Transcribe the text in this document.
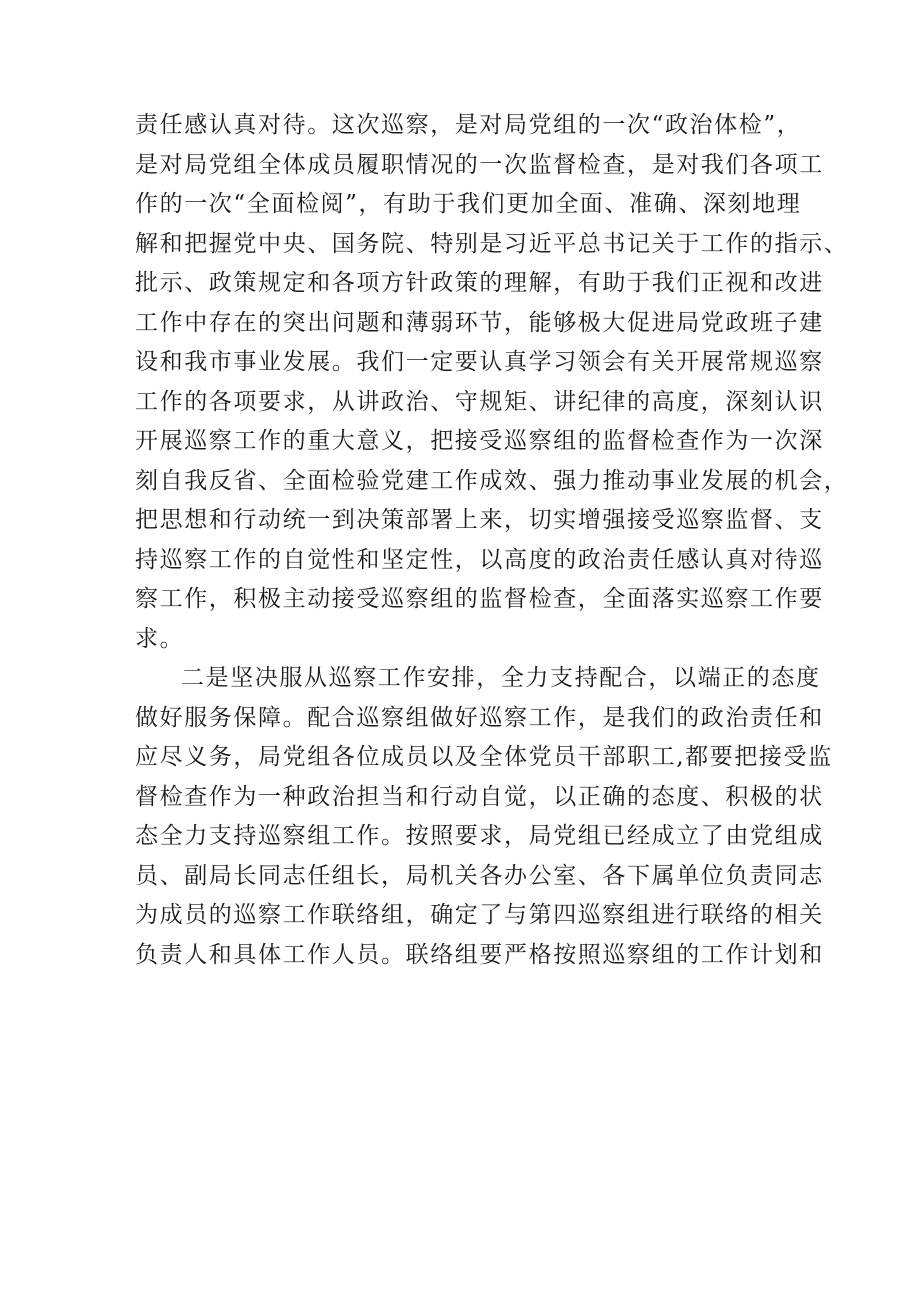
责任感认真对待。这次巡察，是对局党组的一次“政治体检”，
是对局党组全体成员履职情况的一次监督检查，是对我们各项工
作的一次“全面检阅”，有助于我们更加全面、准确、深刻地理
解和把握党中央、国务院、特别是习近平总书记关于工作的指示、
批示、政策规定和各项方针政策的理解，有助于我们正视和改进
工作中存在的突出问题和薄弱环节，能够极大促进局党政班子建
设和我市事业发展。我们一定要认真学习领会有关开展常规巡察
工作的各项要求，从讲政治、守规矩、讲纪律的高度，深刻认识
开展巡察工作的重大意义，把接受巡察组的监督检查作为一次深
刻自我反省、全面检验党建工作成效、强力推动事业发展的机会，
把思想和行动统一到决策部署上来，切实增强接受巡察监督、支
持巡察工作的自觉性和坚定性，以高度的政治责任感认真对待巡
察工作，积极主动接受巡察组的监督检查，全面落实巡察工作要
求。
二是坚决服从巡察工作安排，全力支持配合，以端正的态度
做好服务保障。配合巡察组做好巡察工作，是我们的政治责任和
应尽义务，局党组各位成员以及全体党员干部职工,都要把接受监
督检查作为一种政治担当和行动自觉，以正确的态度、积极的状
态全力支持巡察组工作。按照要求，局党组已经成立了由党组成
员、副局长同志任组长，局机关各办公室、各下属单位负责同志
为成员的巡察工作联络组，确定了与第四巡察组进行联络的相关
负责人和具体工作人员。联络组要严格按照巡察组的工作计划和
